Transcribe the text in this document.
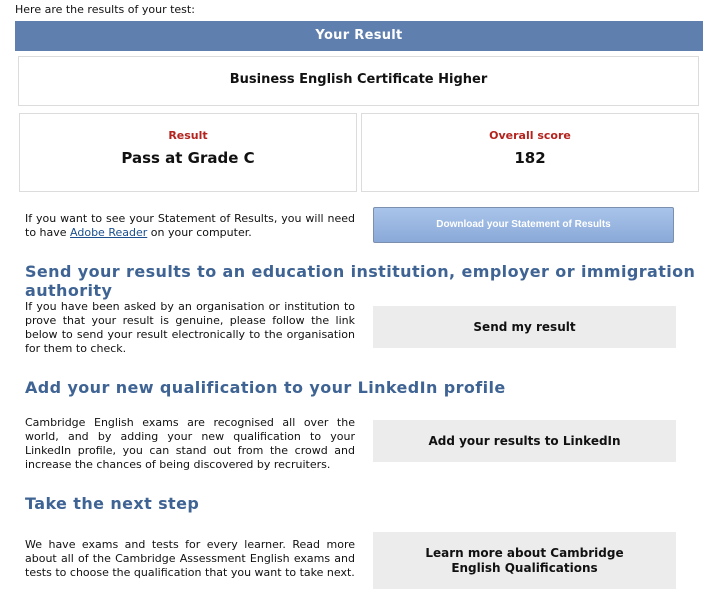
Here are the results of your test:
Your Result
Business English Certificate Higher
Result
Pass at Grade C
Overall score
182
If you want to see your Statement of Results, you will need to have Adobe Reader on your computer.
Download your Statement of Results
Send your results to an education institution, employer or immigration authority
If you have been asked by an organisation or institution to prove that your result is genuine, please follow the link below to send your result electronically to the organisation for them to check.
Send my result
Add your new qualification to your LinkedIn profile
Cambridge English exams are recognised all over the world, and by adding your new qualification to your LinkedIn profile, you can stand out from the crowd and increase the chances of being discovered by recruiters.
Add your results to LinkedIn
Take the next step
We have exams and tests for every learner. Read more about all of the Cambridge Assessment English exams and tests to choose the qualification that you want to take next.
Learn more about Cambridge English Qualifications
